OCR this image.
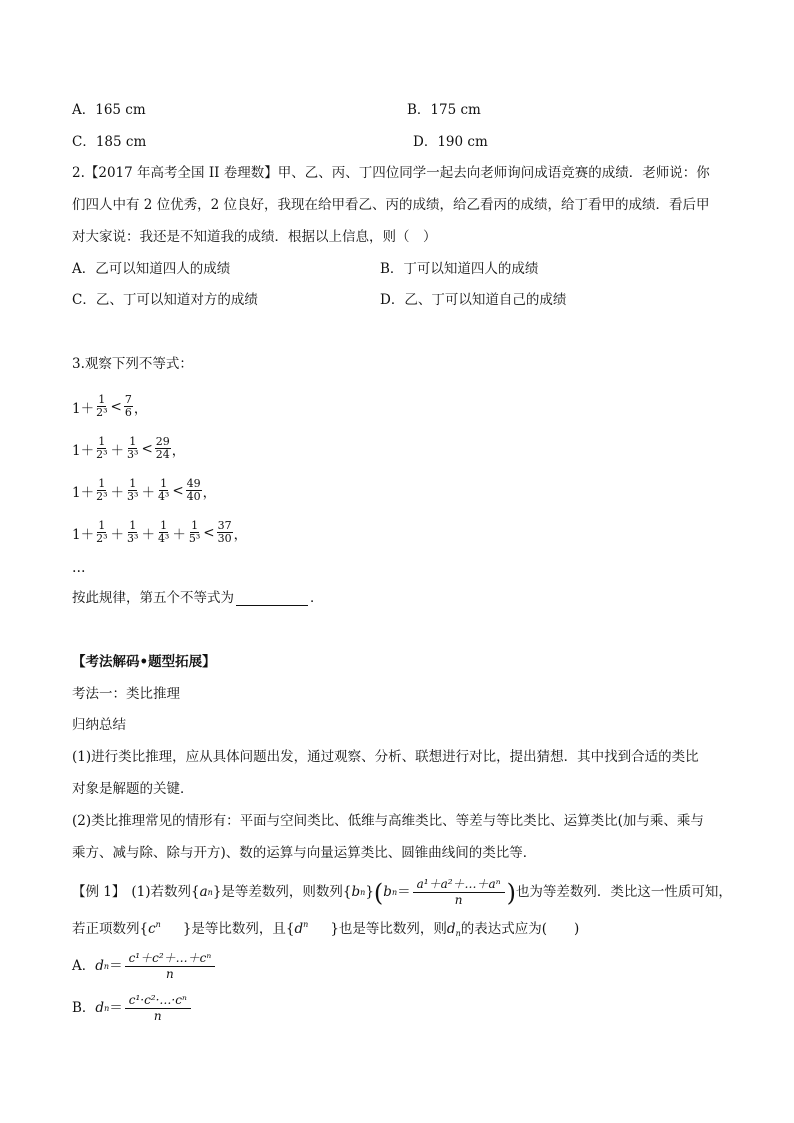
A．165 cm	B．175 cm
C．185 cm	D．190 cm
2.【2017 年高考全国 II 卷理数】甲、乙、丙、丁四位同学一起去向老师询问成语竞赛的成绩．老师说：你
们四人中有 2 位优秀，2 位良好，我现在给甲看乙、丙的成绩，给乙看丙的成绩，给丁看甲的成绩．看后甲
对大家说：我还是不知道我的成绩．根据以上信息，则（　）
A．乙可以知道四人的成绩	B．丁可以知道四人的成绩
C．乙、丁可以知道对方的成绩	D．乙、丁可以知道自己的成绩
3.观察下列不等式：
$1+ \frac{1}{\text{2³}} < \frac{7}{6}$ ，
$1+ \frac{1}{\text{2³}} + \frac{1}{\text{3³}} < \frac{29}{24}$ ，
$1+ \frac{1}{\text{2³}} + \frac{1}{\text{3³}} + \frac{1}{\text{4³}} < \frac{49}{40}$ ，
$1+ \frac{1}{\text{2³}} + \frac{1}{\text{3³}} + \frac{1}{\text{4³}} + \frac{1}{\text{5³}} < \frac{37}{30}$ ，
…
按此规律，第五个不等式为	．
【考法解码•题型拓展】
考法一：类比推理
归纳总结
(1)进行类比推理，应从具体问题出发，通过观察、分析、联想进行对比，提出猜想．其中找到合适的类比
对象是解题的关键．
(2)类比推理常见的情形有：平面与空间类比、低维与高维类比、等差与等比类比、运算类比(加与乘、乘与
乘方、减与除、除与开方)、数的运算与向量运算类比、圆锥曲线间的类比等．
【例 1】 (1)若数列{ a n }是等差数列，则数列{ b n } ( b $n = \frac{\text{a¹＋a²＋…＋aⁿ}}{n}$ ) 也为等差数列．类比这一性质可知，
若正项数列{$c^n$ }是等比数列，且{$d^n$ }也是等比数列，则$d_n$的表达式应为(　　)
A． d $n = \frac{\text{c¹＋c²＋…＋cⁿ}}{n}$
B． d $n = \frac{\text{c¹·c²·…·cⁿ}}{n}$
